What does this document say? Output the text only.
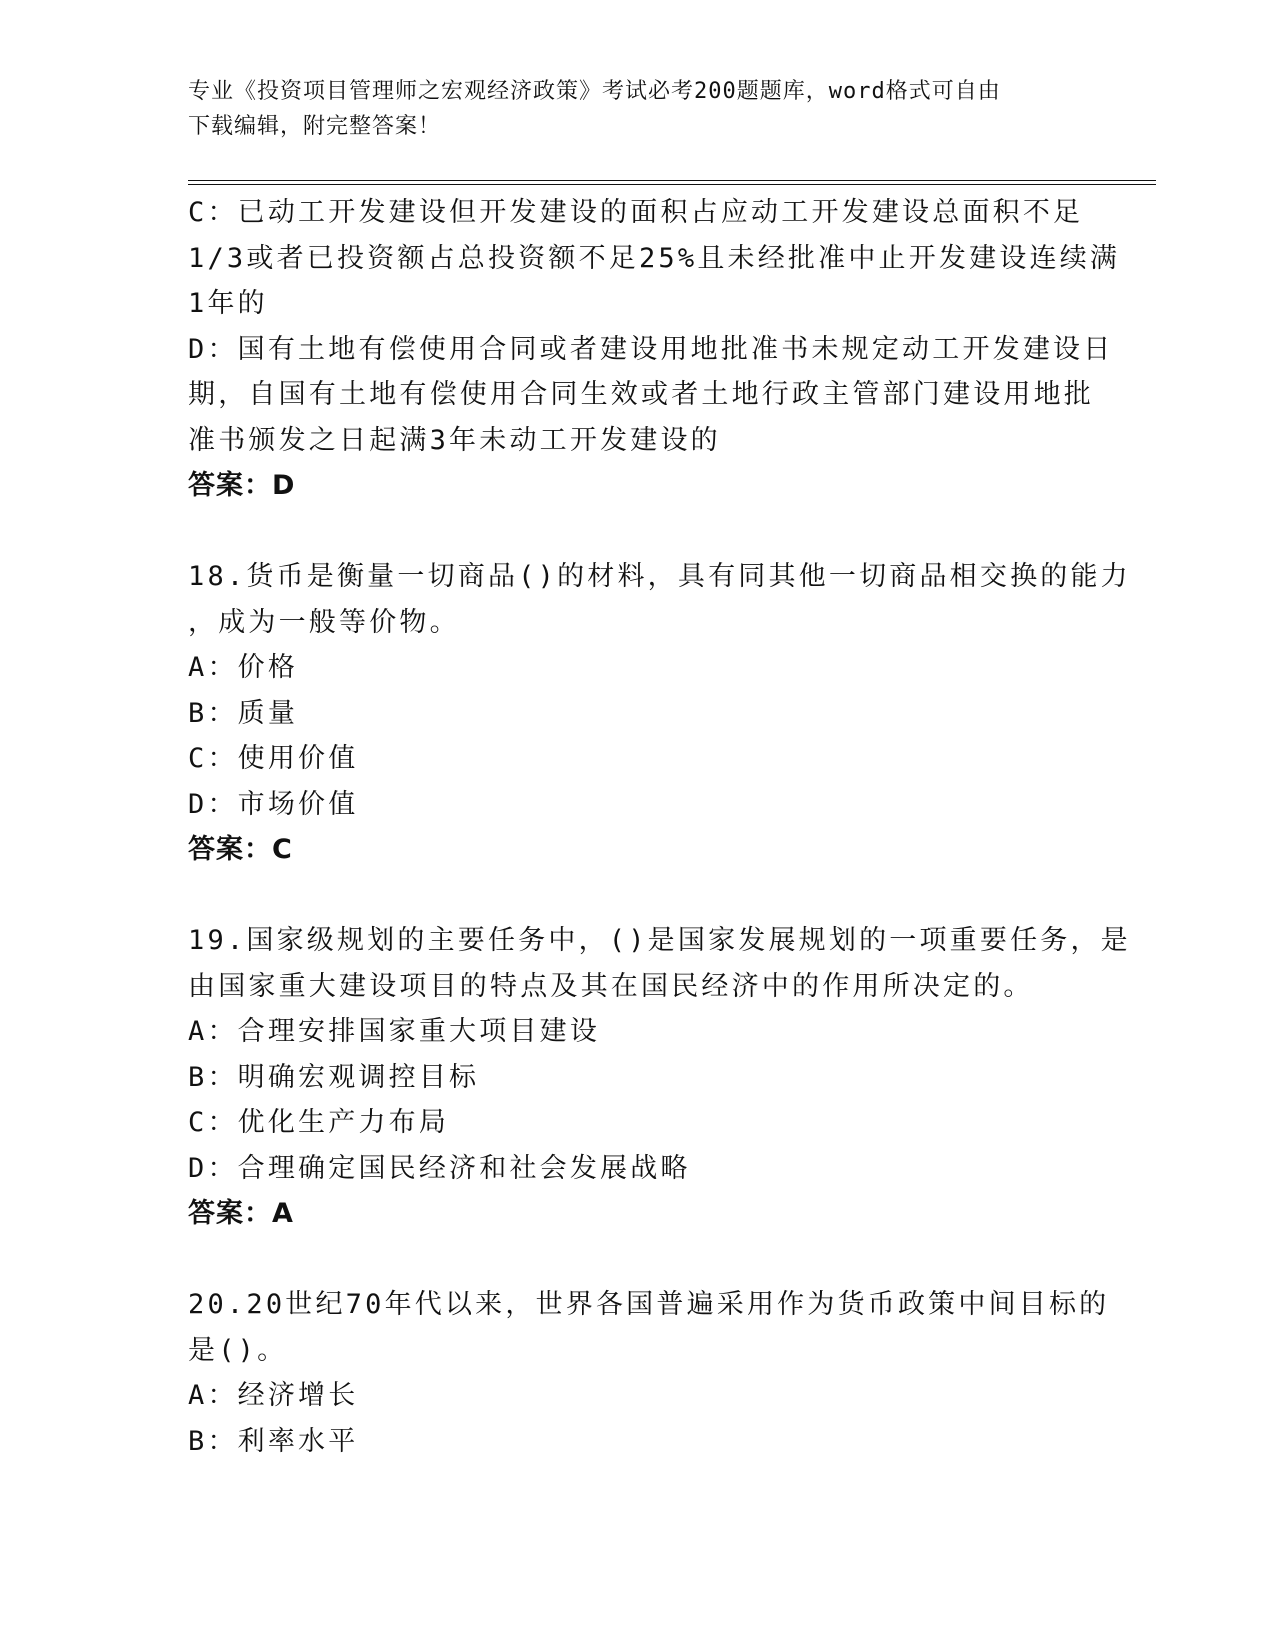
专业《投资项目管理师之宏观经济政策》考试必考200题题库，word格式可自由
下载编辑，附完整答案！
C：已动工开发建设但开发建设的面积占应动工开发建设总面积不足
1/3或者已投资额占总投资额不足25%且未经批准中止开发建设连续满
1年的
D：国有土地有偿使用合同或者建设用地批准书未规定动工开发建设日
期，自国有土地有偿使用合同生效或者土地行政主管部门建设用地批
准书颁发之日起满3年未动工开发建设的
答案：D
18.货币是衡量一切商品()的材料，具有同其他一切商品相交换的能力
，成为一般等价物。
A：价格
B：质量
C：使用价值
D：市场价值
答案：C
19.国家级规划的主要任务中，()是国家发展规划的一项重要任务，是
由国家重大建设项目的特点及其在国民经济中的作用所决定的。
A：合理安排国家重大项目建设
B：明确宏观调控目标
C：优化生产力布局
D：合理确定国民经济和社会发展战略
答案：A
20.20世纪70年代以来，世界各国普遍采用作为货币政策中间目标的
是()。
A：经济增长
B：利率水平
